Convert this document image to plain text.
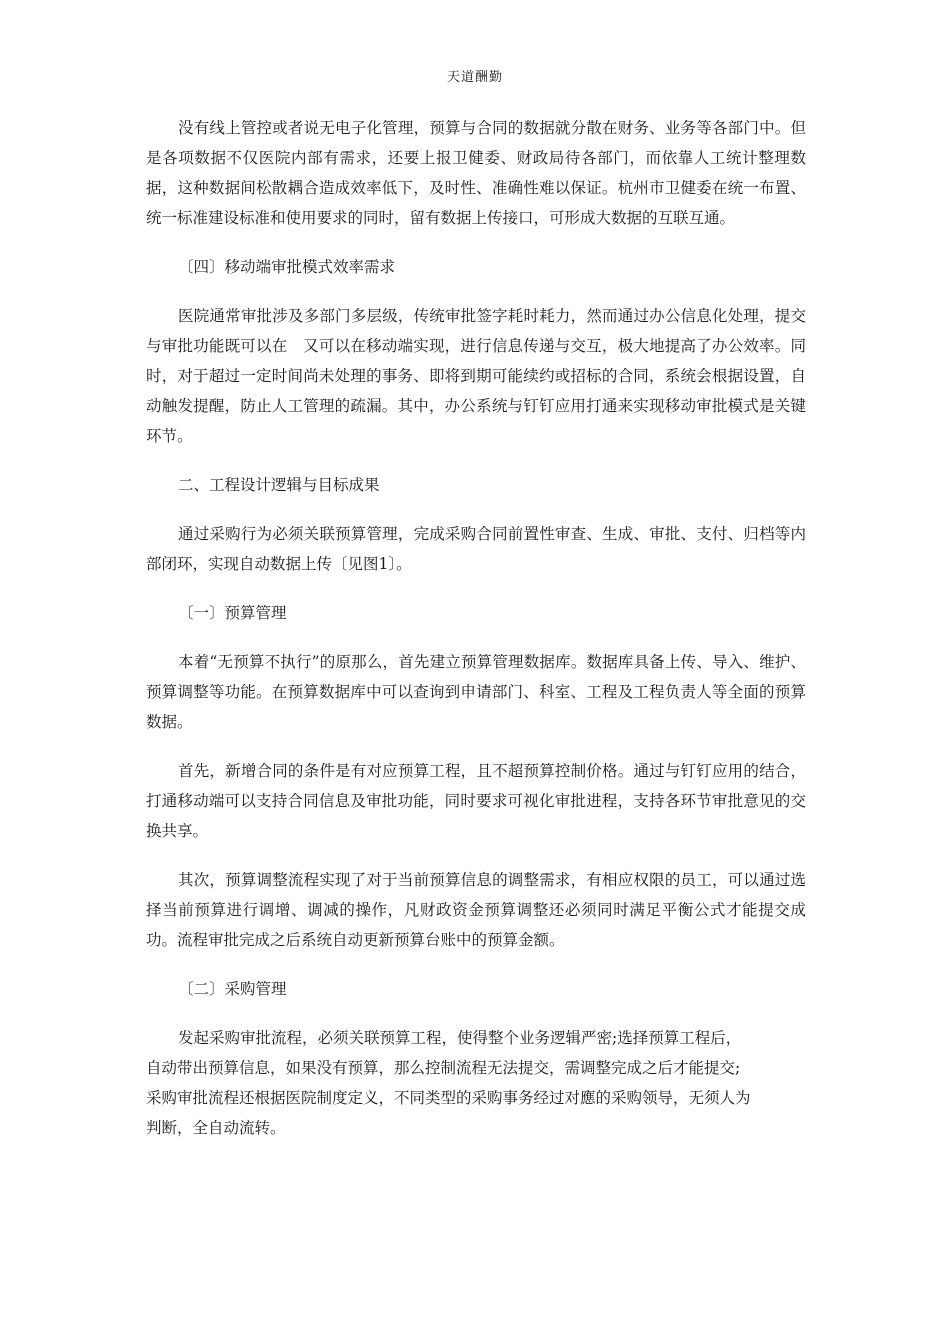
天道酬勤

没有线上管控或者说无电子化管理，预算与合同的数据就分散在财务、业务等各部门中。但是各项数据不仅医院内部有需求，还要上报卫健委、财政局待各部门，而依靠人工统计整理数据，这种数据间松散耦合造成效率低下，及时性、准确性难以保证。杭州市卫健委在统一布置、统一标准建设标准和使用要求的同时，留有数据上传接口，可形成大数据的互联互通。

〔四〕移动端审批模式效率需求

医院通常审批涉及多部门多层级，传统审批签字耗时耗力，然而通过办公信息化处理，提交与审批功能既可以在　又可以在移动端实现，进行信息传递与交互，极大地提高了办公效率。同时，对于超过一定时间尚未处理的事务、即将到期可能续约或招标的合同，系统会根据设置，自动触发提醒，防止人工管理的疏漏。其中，办公系统与钉钉应用打通来实现移动审批模式是关键环节。

二、工程设计逻辑与目标成果

通过采购行为必须关联预算管理，完成采购合同前置性审查、生成、审批、支付、归档等内部闭环，实现自动数据上传〔见图1〕。

〔一〕预算管理

本着“无预算不执行”的原那么，首先建立预算管理数据库。数据库具备上传、导入、维护、预算调整等功能。在预算数据库中可以查询到申请部门、科室、工程及工程负责人等全面的预算数据。

首先，新增合同的条件是有对应预算工程，且不超预算控制价格。通过与钉钉应用的结合，打通移动端可以支持合同信息及审批功能，同时要求可视化审批进程，支持各环节审批意见的交换共享。

其次，预算调整流程实现了对于当前预算信息的调整需求，有相应权限的员工，可以通过选择当前预算进行调增、调减的操作，凡财政资金预算调整还必须同时满足平衡公式才能提交成功。流程审批完成之后系统自动更新预算台账中的预算金额。

〔二〕采购管理
发起采购审批流程，必须关联预算工程，使得整个业务逻辑严密;选择预算工程后，
自动带出预算信息，如果没有预算，那么控制流程无法提交，需调整完成之后才能提交;
采购审批流程还根据医院制度定义，不同类型的采购事务经过对應的采购领导，无须人为
判断，全自动流转。
